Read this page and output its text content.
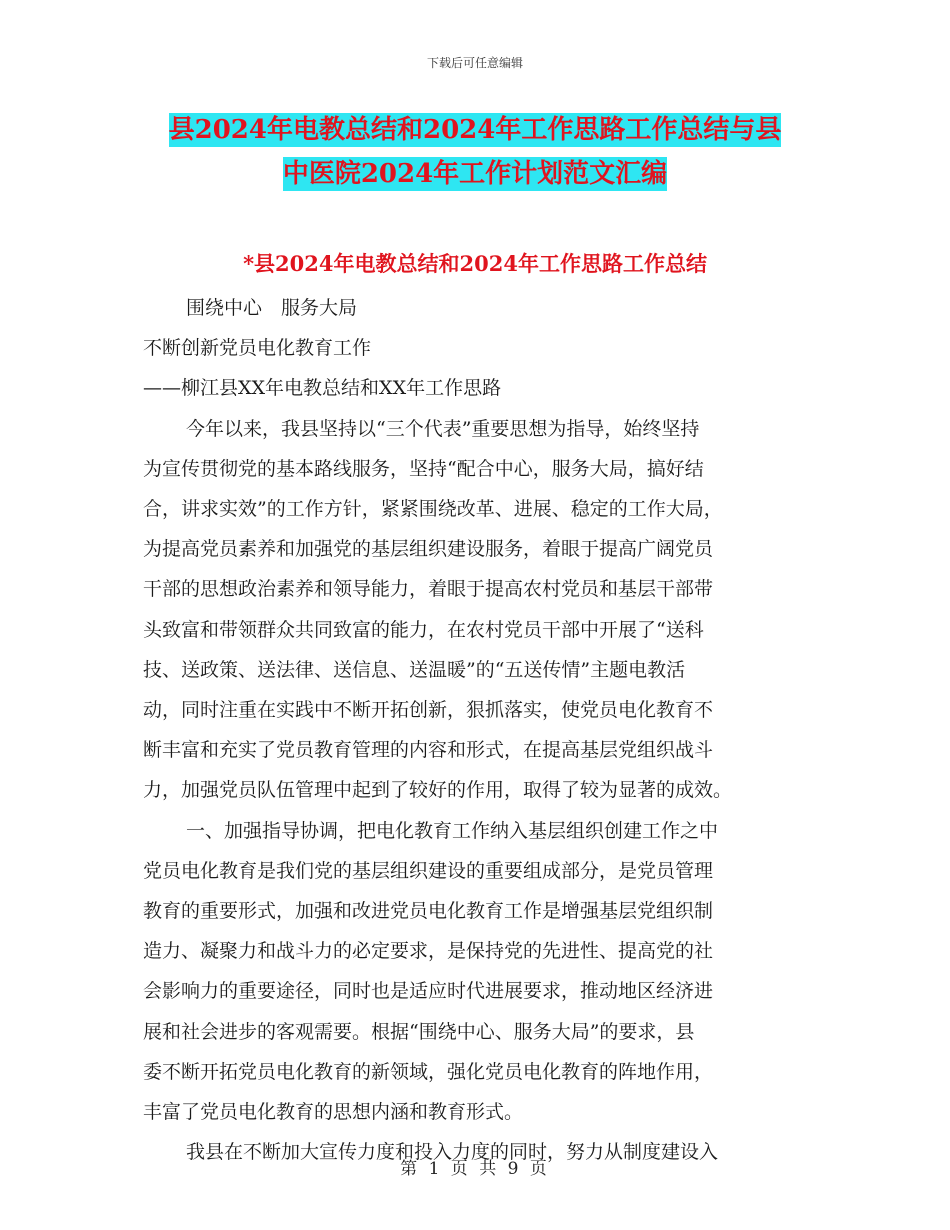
下载后可任意编辑
县2024年电教总结和2024年工作思路工作总结与县
中医院2024年工作计划范文汇编
*县2024年电教总结和2024年工作思路工作总结

围绕中心　服务大局

不断创新党员电化教育工作

——柳江县XX年电教总结和XX年工作思路

今年以来，我县坚持以“三个代表”重要思想为指导，始终坚持

为宣传贯彻党的基本路线服务，坚持“配合中心，服务大局，搞好结

合，讲求实效”的工作方针，紧紧围绕改革、进展、稳定的工作大局，

为提高党员素养和加强党的基层组织建设服务，着眼于提高广阔党员

干部的思想政治素养和领导能力，着眼于提高农村党员和基层干部带

头致富和带领群众共同致富的能力，在农村党员干部中开展了“送科

技、送政策、送法律、送信息、送温暖”的“五送传情”主题电教活

动，同时注重在实践中不断开拓创新，狠抓落实，使党员电化教育不

断丰富和充实了党员教育管理的内容和形式，在提高基层党组织战斗

力，加强党员队伍管理中起到了较好的作用，取得了较为显著的成效。

一、加强指导协调，把电化教育工作纳入基层组织创建工作之中

党员电化教育是我们党的基层组织建设的重要组成部分，是党员管理

教育的重要形式，加强和改进党员电化教育工作是增强基层党组织制

造力、凝聚力和战斗力的必定要求，是保持党的先进性、提高党的社

会影响力的重要途径，同时也是适应时代进展要求，推动地区经济进

展和社会进步的客观需要。根据“围绕中心、服务大局”的要求，县

委不断开拓党员电化教育的新领域，强化党员电化教育的阵地作用，

丰富了党员电化教育的思想内涵和教育形式。

我县在不断加大宣传力度和投入力度的同时，努力从制度建设入

第 1 页 共 9 页
